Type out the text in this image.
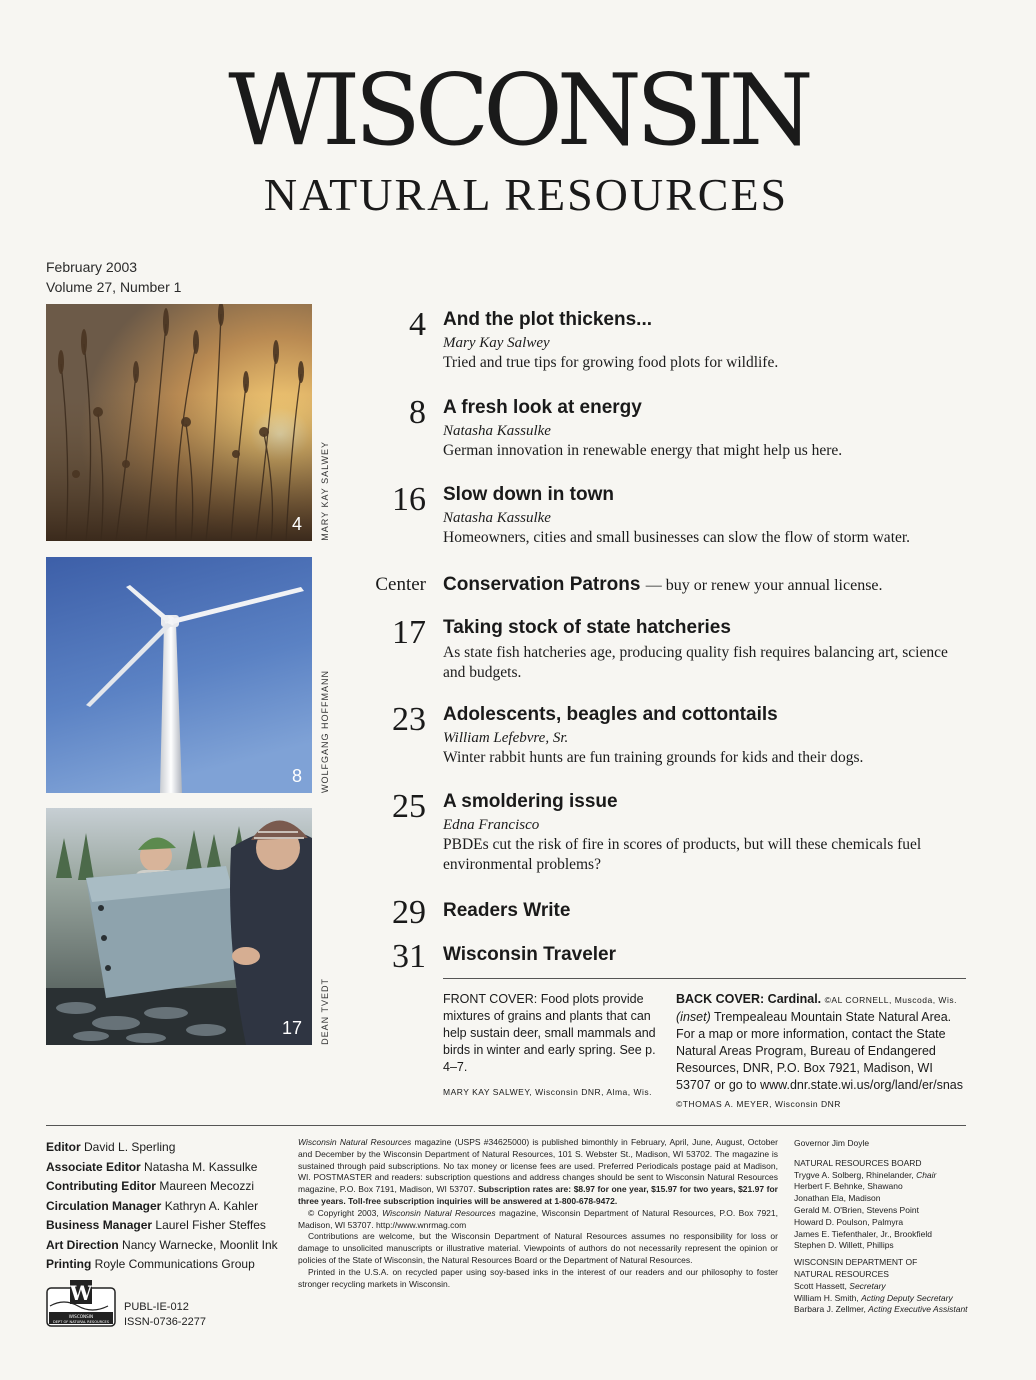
WISCONSIN
NATURAL RESOURCES
February 2003
Volume 27, Number 1
4 MARY KAY SALWEY
8 WOLFGANG HOFFMANN
17 DEAN TVEDT
4 And the plot thickens...
Mary Kay Salwey
Tried and true tips for growing food plots for wildlife.
8 A fresh look at energy
Natasha Kassulke
German innovation in renewable energy that might help us here.
16 Slow down in town
Natasha Kassulke
Homeowners, cities and small businesses can slow the flow of storm water.
Center Conservation Patrons — buy or renew your annual license.
17 Taking stock of state hatcheries
As state fish hatcheries age, producing quality fish requires balancing art, science and budgets.
23 Adolescents, beagles and cottontails
William Lefebvre, Sr.
Winter rabbit hunts are fun training grounds for kids and their dogs.
25 A smoldering issue
Edna Francisco
PBDEs cut the risk of fire in scores of products, but will these chemicals fuel environmental problems?
29 Readers Write
31 Wisconsin Traveler
FRONT COVER: Food plots provide mixtures of grains and plants that can help sustain deer, small mammals and birds in winter and early spring. See p. 4–7.
MARY KAY SALWEY, Wisconsin DNR, Alma, Wis.
BACK COVER: Cardinal. ©AL CORNELL, Muscoda, Wis.
(inset) Trempealeau Mountain State Natural Area. For a map or more information, contact the State Natural Areas Program, Bureau of Endangered Resources, DNR, P.O. Box 7921, Madison, WI 53707 or go to www.dnr.state.wi.us/org/land/er/snas
©THOMAS A. MEYER, Wisconsin DNR
Editor David L. Sperling
Associate Editor Natasha M. Kassulke
Contributing Editor Maureen Mecozzi
Circulation Manager Kathryn A. Kahler
Business Manager Laurel Fisher Steffes
Art Direction Nancy Warnecke, Moonlit Ink
Printing Royle Communications Group
W
WISCONSIN
DEPT OF NATURAL RESOURCES
PUBL-IE-012
ISSN-0736-2277

Wisconsin Natural Resources magazine (USPS #34625000) is published bimonthly in February, April, June, August, October and December by the Wisconsin Department of Natural Resources, 101 S. Webster St., Madison, WI 53702. The magazine is sustained through paid subscriptions. No tax money or license fees are used. Preferred Periodicals postage paid at Madison, WI. POSTMASTER and readers: subscription questions and address changes should be sent to Wisconsin Natural Resources magazine, P.O. Box 7191, Madison, WI 53707. Subscription rates are: $8.97 for one year, $15.97 for two years, $21.97 for three years. Toll-free subscription inquiries will be answered at 1-800-678-9472.

© Copyright 2003, Wisconsin Natural Resources magazine, Wisconsin Department of Natural Resources, P.O. Box 7921, Madison, WI 53707. http://www.wnrmag.com

Contributions are welcome, but the Wisconsin Department of Natural Resources assumes no responsibility for loss or damage to unsolicited manuscripts or illustrative material. Viewpoints of authors do not necessarily represent the opinion or policies of the State of Wisconsin, the Natural Resources Board or the Department of Natural Resources.

Printed in the U.S.A. on recycled paper using soy-based inks in the interest of our readers and our philosophy to foster stronger recycling markets in Wisconsin.

Governor Jim Doyle
NATURAL RESOURCES BOARD
Trygve A. Solberg, Rhinelander, Chair
Herbert F. Behnke, Shawano
Jonathan Ela, Madison
Gerald M. O'Brien, Stevens Point
Howard D. Poulson, Palmyra
James E. Tiefenthaler, Jr., Brookfield
Stephen D. Willett, Phillips
WISCONSIN DEPARTMENT OF
NATURAL RESOURCES
Scott Hassett, Secretary
William H. Smith, Acting Deputy Secretary
Barbara J. Zellmer, Acting Executive Assistant
